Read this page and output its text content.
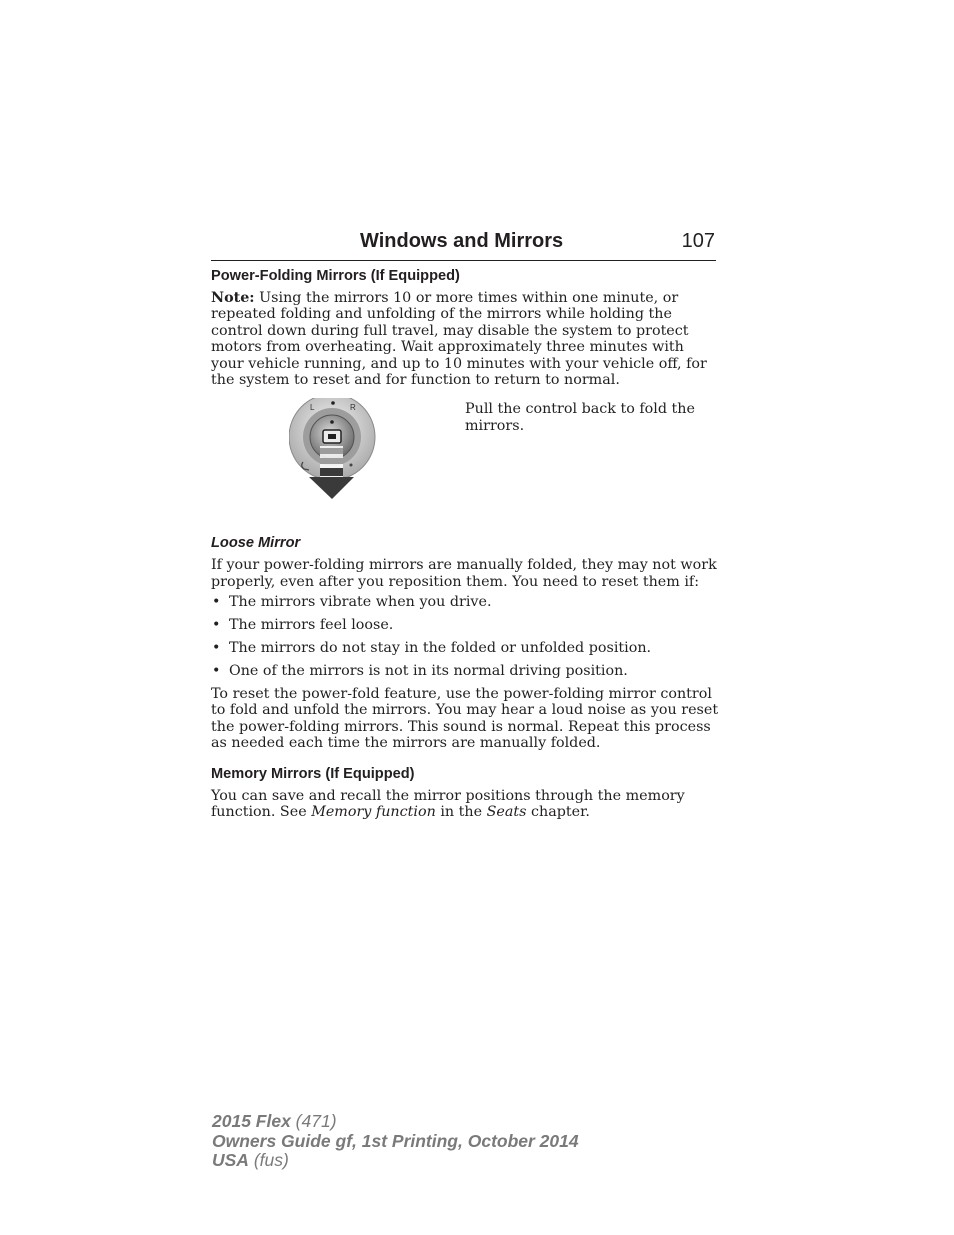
Windows and Mirrors	107
Power-Folding Mirrors (If Equipped)

Note: Using the mirrors 10 or more times within one minute, or repeated folding and unfolding of the mirrors while holding the control down during full travel, may disable the system to protect motors from overheating. Wait approximately three minutes with your vehicle running, and up to 10 minutes with your vehicle off, for the system to reset and for function to return to normal.

L	R	Pull the control back to fold the mirrors.

Loose Mirror

If your power-folding mirrors are manually folded, they may not work properly, even after you reposition them. You need to reset them if:

• The mirrors vibrate when you drive.
• The mirrors feel loose.
• The mirrors do not stay in the folded or unfolded position.
• One of the mirrors is not in its normal driving position.

To reset the power-fold feature, use the power-folding mirror control to fold and unfold the mirrors. You may hear a loud noise as you reset the power-folding mirrors. This sound is normal. Repeat this process as needed each time the mirrors are manually folded.

Memory Mirrors (If Equipped)

You can save and recall the mirror positions through the memory function. See Memory function in the Seats chapter.

2015 Flex (471)
Owners Guide gf, 1st Printing, October 2014
USA (fus)
